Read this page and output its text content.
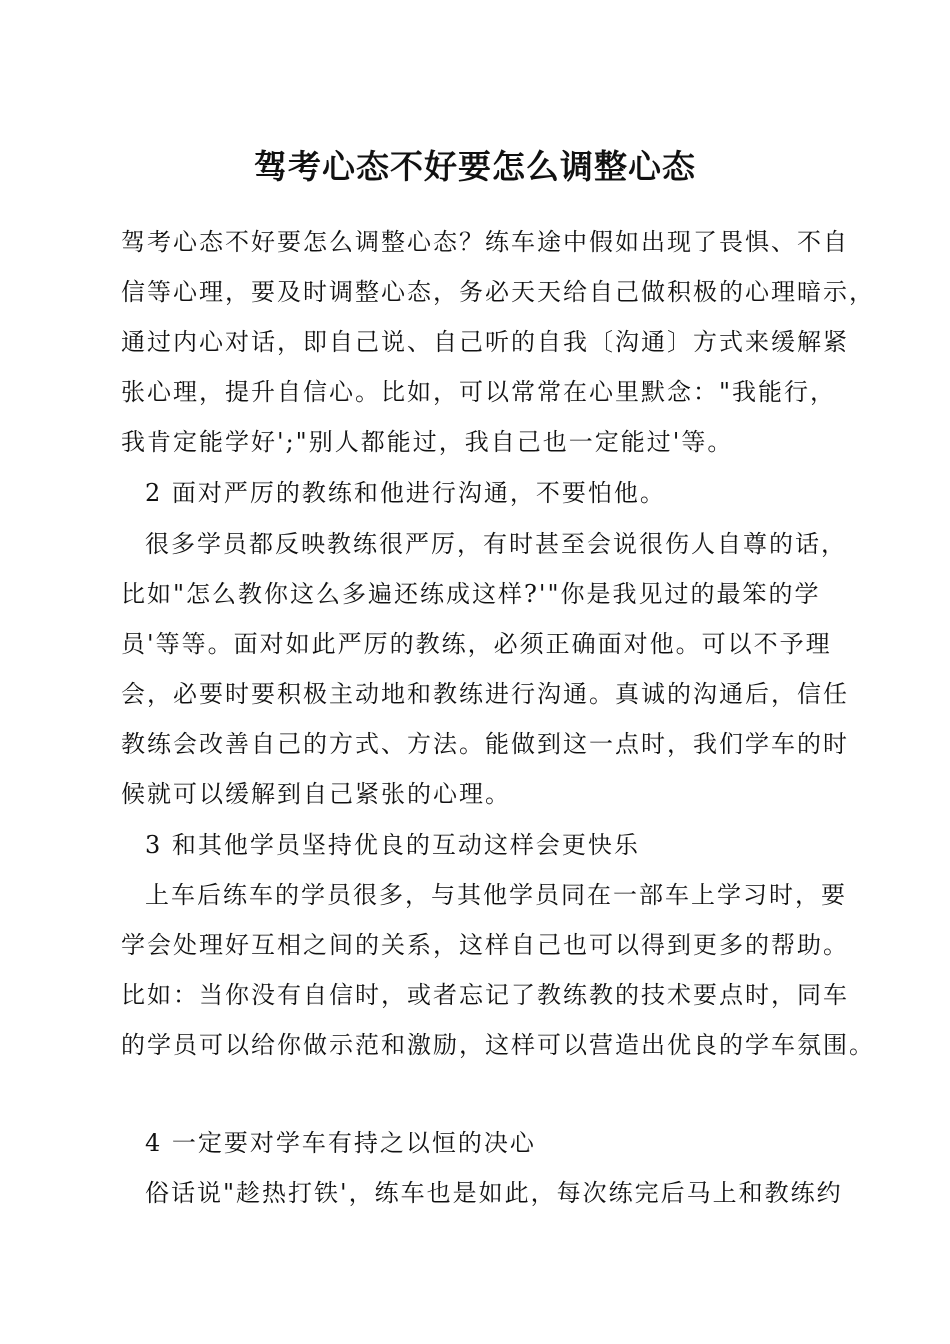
驾考心态不好要怎么调整心态
驾考心态不好要怎么调整心态？练车途中假如出现了畏惧、不自
信等心理，要及时调整心态，务必天天给自己做积极的心理暗示，
通过内心对话，即自己说、自己听的自我〔沟通〕方式来缓解紧
张心理，提升自信心。比如，可以常常在心里默念："我能行，
我肯定能学好';"别人都能过，我自己也一定能过'等。
2 面对严厉的教练和他进行沟通，不要怕他。
很多学员都反映教练很严厉，有时甚至会说很伤人自尊的话，
比如"怎么教你这么多遍还练成这样?'"你是我见过的最笨的学
员'等等。面对如此严厉的教练，必须正确面对他。可以不予理
会，必要时要积极主动地和教练进行沟通。真诚的沟通后，信任
教练会改善自己的方式、方法。能做到这一点时，我们学车的时
候就可以缓解到自己紧张的心理。
3 和其他学员坚持优良的互动这样会更快乐
上车后练车的学员很多，与其他学员同在一部车上学习时，要
学会处理好互相之间的关系，这样自己也可以得到更多的帮助。
比如：当你没有自信时，或者忘记了教练教的技术要点时，同车
的学员可以给你做示范和激励，这样可以营造出优良的学车氛围。
4 一定要对学车有持之以恒的决心
俗话说"趁热打铁'，练车也是如此，每次练完后马上和教练约
